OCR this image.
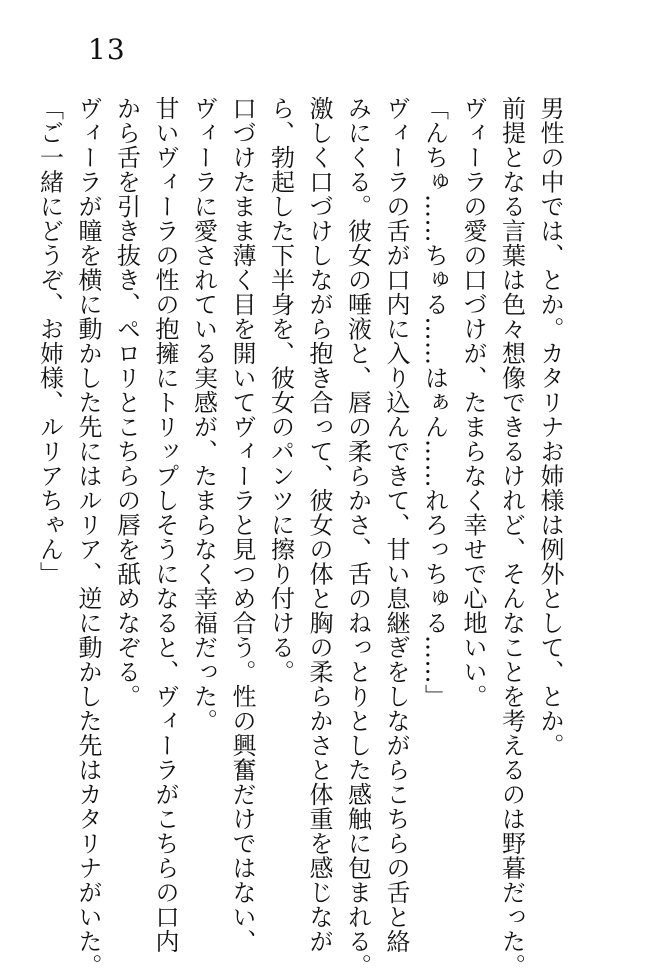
13
男性の中では、とか。カタリナお姉様は例外として、とか。
前提となる言葉は色々想像できるけれど、そんなことを考えるのは野暮だった。
ヴィーラの愛の口づけが、たまらなく幸せで心地いい。
「んちゅ……ちゅる……はぁん……れろっちゅる……」
ヴィーラの舌が口内に入り込んできて、甘い息継ぎをしながらこちらの舌と絡
みにくる。彼女の唾液と、唇の柔らかさ、舌のねっとりとした感触に包まれる。
激しく口づけしながら抱き合って、彼女の体と胸の柔らかさと体重を感じなが
ら、勃起した下半身を、彼女のパンツに擦り付ける。
口づけたまま薄く目を開いてヴィーラと見つめ合う。性の興奮だけではない、
ヴィーラに愛されている実感が、たまらなく幸福だった。
甘いヴィーラの性の抱擁にトリップしそうになると、ヴィーラがこちらの口内
から舌を引き抜き、ペロリとこちらの唇を舐めなぞる。
ヴィーラが瞳を横に動かした先にはルリア、逆に動かした先はカタリナがいた。
「ご一緒にどうぞ、お姉様、ルリアちゃん」
